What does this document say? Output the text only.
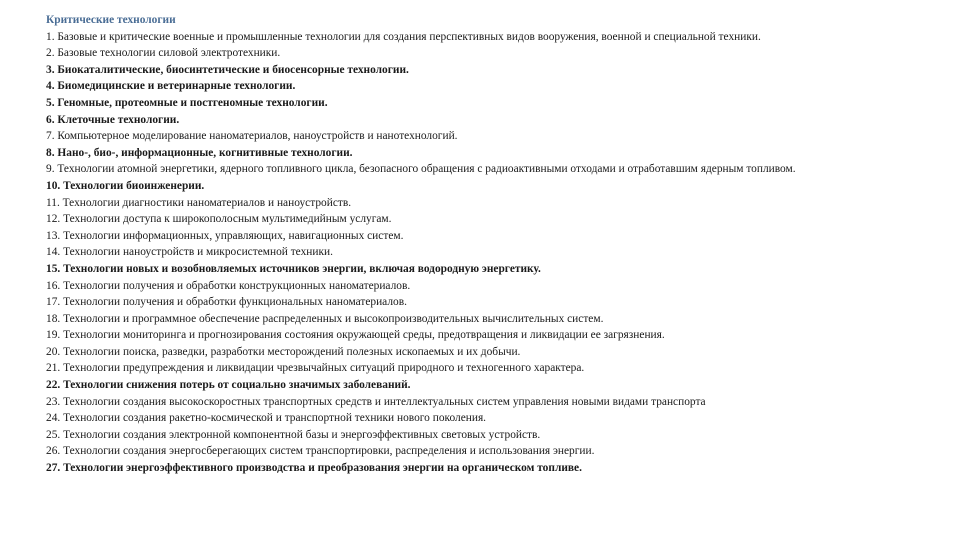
Критические технологии
1. Базовые и критические военные и промышленные технологии для создания перспективных видов вооружения, военной и специальной техники.
2. Базовые технологии силовой электротехники.
3. Биокаталитические, биосинтетические и биосенсорные технологии.
4. Биомедицинские и ветеринарные технологии.
5. Геномные, протеомные и постгеномные технологии.
6. Клеточные технологии.
7. Компьютерное моделирование наноматериалов, наноустройств и нанотехнологий.
8. Нано-, био-, информационные, когнитивные технологии.
9. Технологии атомной энергетики, ядерного топливного цикла, безопасного обращения с радиоактивными отходами и отработавшим ядерным топливом.
10. Технологии биоинженерии.
11. Технологии диагностики наноматериалов и наноустройств.
12. Технологии доступа к широкополосным мультимедийным услугам.
13. Технологии информационных, управляющих, навигационных систем.
14. Технологии наноустройств и микросистемной техники.
15. Технологии новых и возобновляемых источников энергии, включая водородную энергетику.
16. Технологии получения и обработки конструкционных наноматериалов.
17. Технологии получения и обработки функциональных наноматериалов.
18. Технологии и программное обеспечение распределенных и высокопроизводительных вычислительных систем.
19. Технологии мониторинга и прогнозирования состояния окружающей среды, предотвращения и ликвидации ее загрязнения.
20. Технологии поиска, разведки, разработки месторождений полезных ископаемых и их добычи.
21. Технологии предупреждения и ликвидации чрезвычайных ситуаций природного и техногенного характера.
22. Технологии снижения потерь от социально значимых заболеваний.
23. Технологии создания высокоскоростных транспортных средств и интеллектуальных систем управления новыми видами транспорта
24. Технологии создания ракетно-космической и транспортной техники нового поколения.
25. Технологии создания электронной компонентной базы и энергоэффективных световых устройств.
26. Технологии создания энергосберегающих систем транспортировки, распределения и использования энергии.
27. Технологии энергоэффективного производства и преобразования энергии на органическом топливе.
